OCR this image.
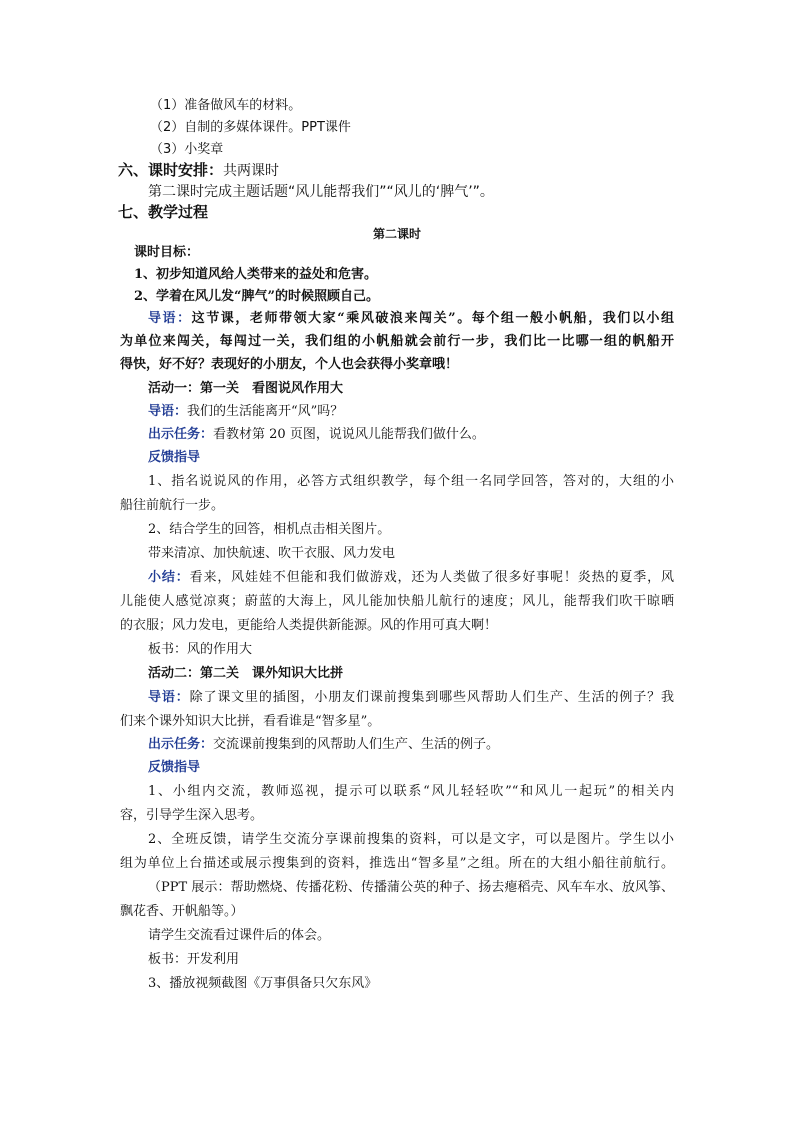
（1）准备做风车的材料。
（2）自制的多媒体课件。PPT课件
（3）小奖章
六、课时安排：共两课时
第二课时完成主题话题“风儿能帮我们”“风儿的‘脾气’”。
七、教学过程
第二课时
课时目标：
1、初步知道风给人类带来的益处和危害。
2、学着在风儿发“脾气”的时候照顾自己。
导语：这节课，老师带领大家“乘风破浪来闯关”。每个组一般小帆船，我们以小组
为单位来闯关，每闯过一关，我们组的小帆船就会前行一步，我们比一比哪一组的帆船开
得快，好不好？表现好的小朋友，个人也会获得小奖章哦！
活动一：第一关　看图说风作用大
导语：我们的生活能离开“风”吗？
出示任务：看教材第 20 页图，说说风儿能帮我们做什么。
反馈指导
1、指名说说风的作用，必答方式组织教学，每个组一名同学回答，答对的，大组的小
船往前航行一步。
2、结合学生的回答，相机点击相关图片。
带来清凉、加快航速、吹干衣服、风力发电
小结：看来，风娃娃不但能和我们做游戏，还为人类做了很多好事呢！炎热的夏季，风
儿能使人感觉凉爽；蔚蓝的大海上，风儿能加快船儿航行的速度；风儿，能帮我们吹干晾晒
的衣服；风力发电，更能给人类提供新能源。风的作用可真大啊！
板书：风的作用大
活动二：第二关　课外知识大比拼
导语：除了课文里的插图，小朋友们课前搜集到哪些风帮助人们生产、生活的例子？我
们来个课外知识大比拼，看看谁是“智多星”。
出示任务：交流课前搜集到的风帮助人们生产、生活的例子。
反馈指导
1、小组内交流，教师巡视，提示可以联系“风儿轻轻吹”“和风儿一起玩”的相关内
容，引导学生深入思考。
2、全班反馈，请学生交流分享课前搜集的资料，可以是文字，可以是图片。学生以小
组为单位上台描述或展示搜集到的资料，推选出“智多星”之组。所在的大组小船往前航行。
（PPT 展示：帮助燃烧、传播花粉、传播蒲公英的种子、扬去瘪稻壳、风车车水、放风筝、
飘花香、开帆船等。）
请学生交流看过课件后的体会。
板书：开发利用
3、播放视频截图《万事俱备只欠东风》
